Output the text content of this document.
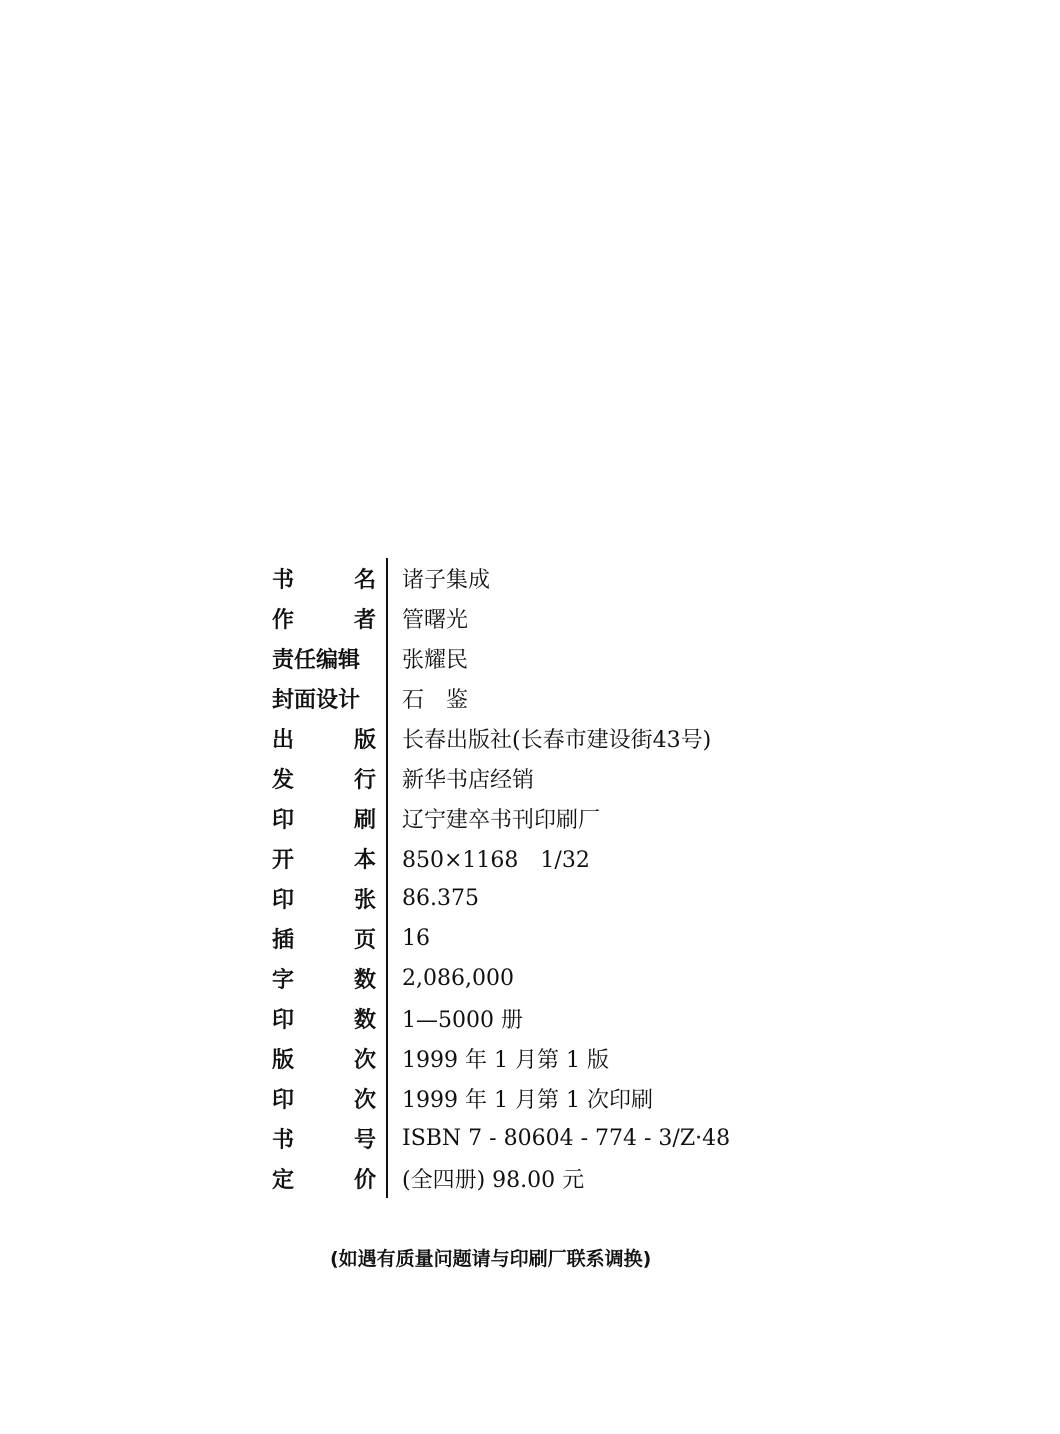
书	名 诸子集成
作	者 管曙光
责任编辑 张耀民
封面设计 石　鉴
出	版 长春出版社(长春市建设街43号)
发	行 新华书店经销
印	刷 辽宁建卒书刊印刷厂
开	本 850×1168　1/32
印	张 86.375
插	页 16
字	数 2,086,000
印	数 1—5000 册
版	次 1999 年 1 月第 1 版
印	次 1999 年 1 月第 1 次印刷
书	号 ISBN 7 - 80604 - 774 - 3/Z·48
定	价 (全四册) 98.00 元
(如遇有质量问题请与印刷厂联系调换)
